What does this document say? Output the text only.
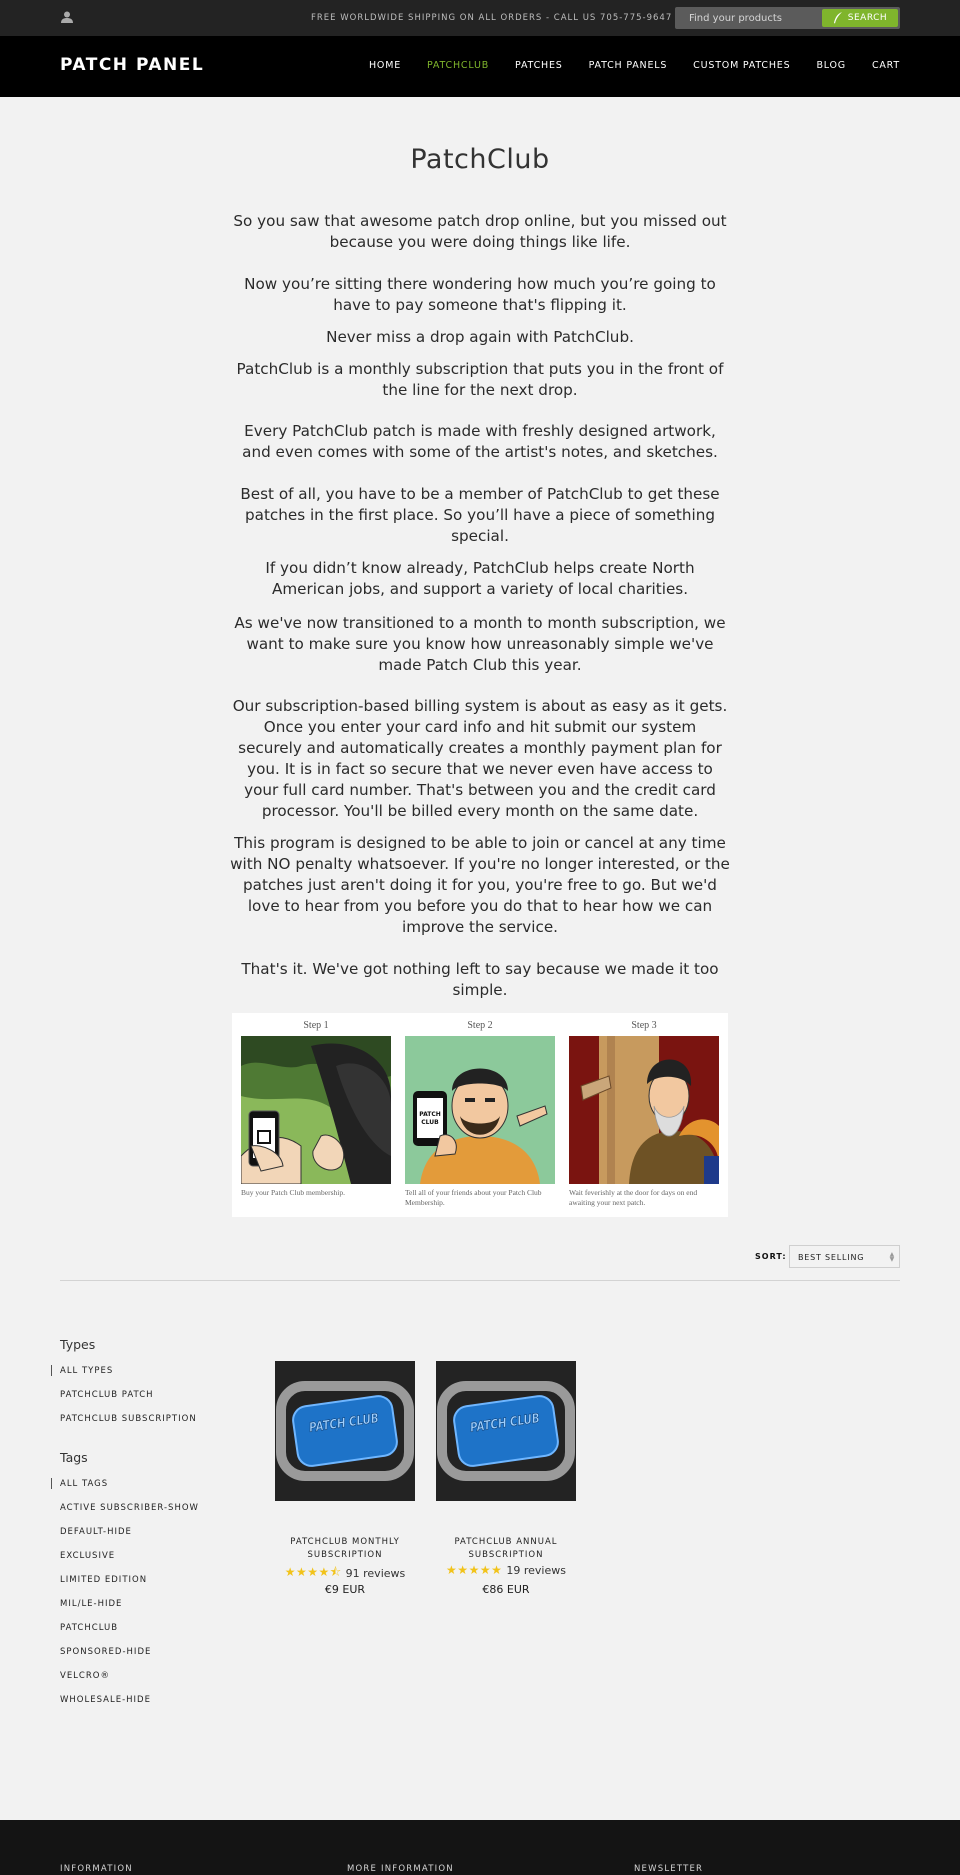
FREE WORLDWIDE SHIPPING ON ALL ORDERS - CALL US 705-775-9647
Find your products	SEARCH
PATCH PANEL	HOME	PATCHCLUB	PATCHES	PATCH PANELS	CUSTOM PATCHES	BLOG	CART
PatchClub

So you saw that awesome patch drop online, but you missed out because you were doing things like life.

Now you’re sitting there wondering how much you’re going to have to pay someone that's flipping it.

Never miss a drop again with PatchClub.

PatchClub is a monthly subscription that puts you in the front of the line for the next drop.

Every PatchClub patch is made with freshly designed artwork, and even comes with some of the artist's notes, and sketches.

Best of all, you have to be a member of PatchClub to get these patches in the first place. So you’ll have a piece of something special.

If you didn’t know already, PatchClub helps create North American jobs, and support a variety of local charities.

As we've now transitioned to a month to month subscription, we want to make sure you know how unreasonably simple we've made Patch Club this year.

Our subscription-based billing system is about as easy as it gets. Once you enter your card info and hit submit our system securely and automatically creates a monthly payment plan for you. It is in fact so secure that we never even have access to your full card number. That's between you and the credit card processor. You'll be billed every month on the same date.

This program is designed to be able to join or cancel at any time with NO penalty whatsoever. If you're no longer interested, or the patches just aren't doing it for you, you're free to go. But we'd love to hear from you before you do that to hear how we can improve the service.

That's it. We've got nothing left to say because we made it too simple.

Step 1
Buy your Patch Club membership.
Step 2
PATCH
CLUB
Tell all of your friends about your Patch Club Membership.
Step 3
Wait feverishly at the door for days on end awaiting your next patch.
SORT:	BEST SELLING	▲
▼
Types
ALL TYPES
PATCHCLUB PATCH
PATCHCLUB SUBSCRIPTION
Tags
ALL TAGS
ACTIVE SUBSCRIBER-SHOW
DEFAULT-HIDE
EXCLUSIVE
LIMITED EDITION
MIL/LE-HIDE
PATCHCLUB
SPONSORED-HIDE
VELCRO®
WHOLESALE-HIDE
PATCH CLUB
PATCHCLUB MONTHLY
SUBSCRIPTION
★★★★⯪ 91 reviews
€9 EUR
PATCH CLUB
PATCHCLUB ANNUAL
SUBSCRIPTION
★★★★★ 19 reviews
€86 EUR
INFORMATION	MORE INFORMATION	NEWSLETTER
